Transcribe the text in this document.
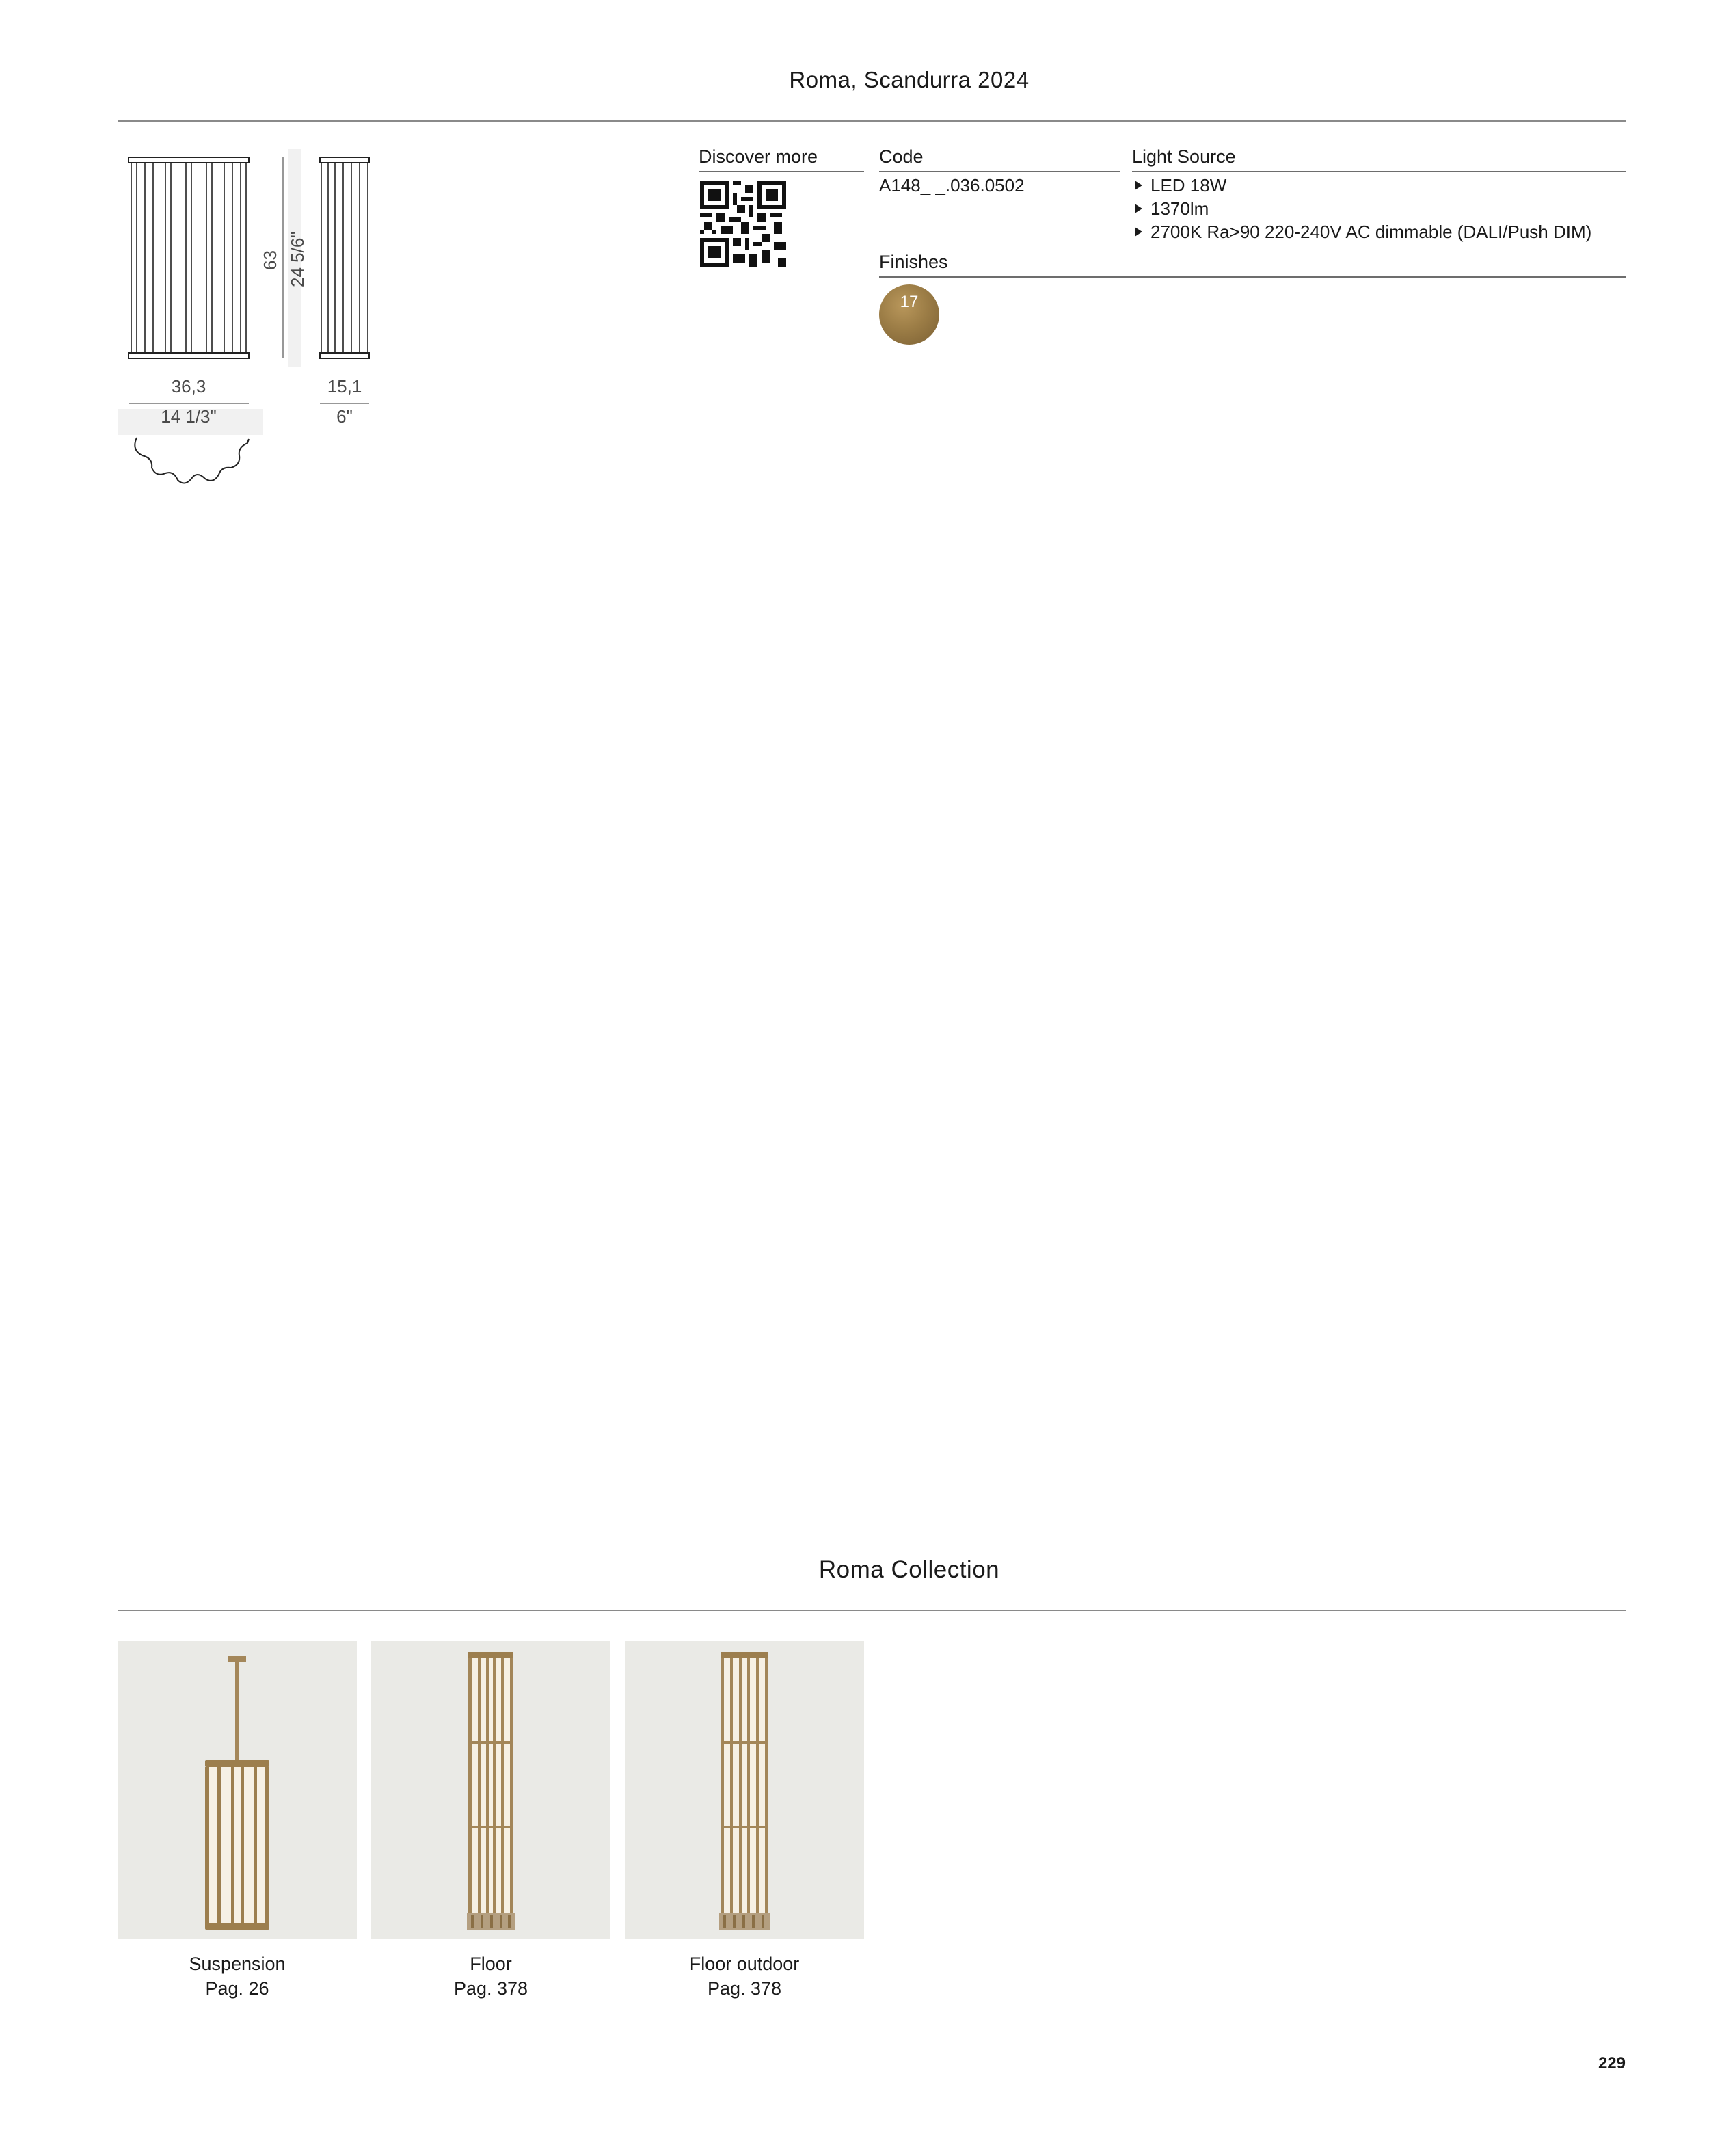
Roma, Scandurra 2024
63 24 5/6"
36,3
14 1/3"
15,1
6"
Discover more	Code
A148_ _.036.0502
Finishes
17
Light Source
LED 18W
1370lm
2700K Ra>90 220-240V AC dimmable (DALI/Push DIM)
Roma Collection
Suspension
Pag. 26
Floor
Pag. 378
Floor outdoor
Pag. 378
229
